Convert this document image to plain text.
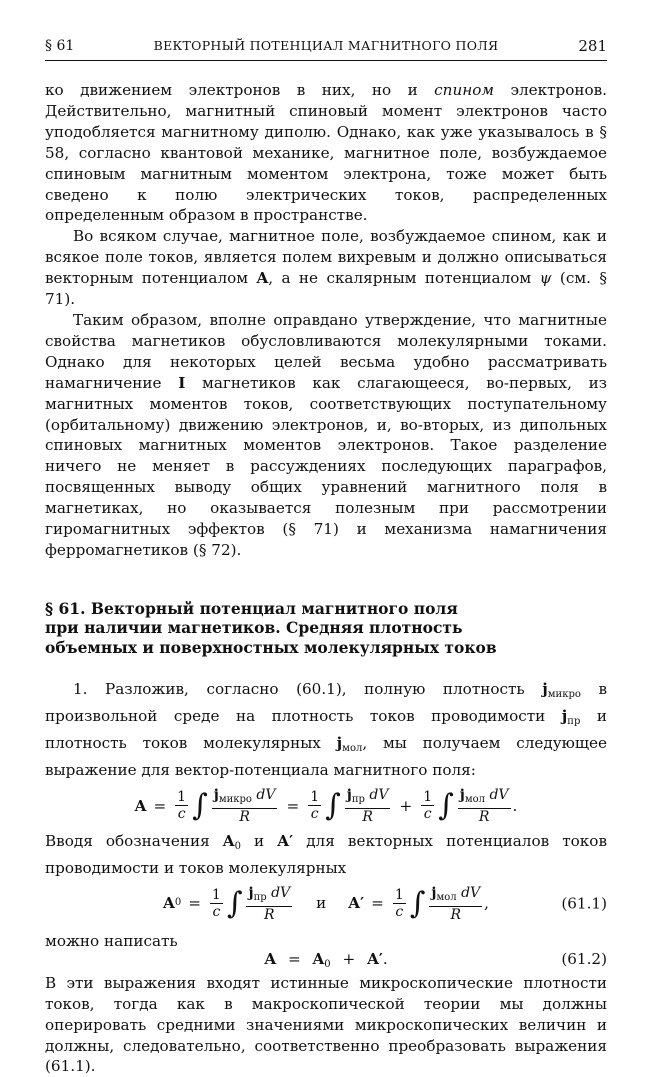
§ 61	ВЕКТОРНЫЙ ПОТЕНЦИАЛ МАГНИТНОГО ПОЛЯ	281

ко движением электронов в них, но и спином электронов. Действительно, магнитный спиновый момент электронов часто уподобляется магнитному диполю. Однако, как уже указывалось в § 58, согласно квантовой механике, магнитное поле, возбуждаемое спиновым магнитным моментом электрона, тоже может быть сведено к полю электрических токов, распределенных определенным образом в пространстве.

Во всяком случае, магнитное поле, возбуждаемое спином, как и всякое поле токов, является полем вихревым и должно описываться векторным потенциалом A, а не скалярным потенциалом ψ (см. § 71).

Таким образом, вполне оправдано утверждение, что магнитные свойства магнетиков обусловливаются молекулярными токами. Однако для некоторых целей весьма удобно рассматривать намагничение I магнетиков как слагающееся, во-первых, из магнитных моментов токов, соответствующих поступательному (орбитальному) движению электронов, и, во-вторых, из дипольных спиновых магнитных моментов электронов. Такое разделение ничего не меняет в рассуждениях последующих параграфов, посвященных выводу общих уравнений магнитного поля в магнетиках, но оказывается полезным при рассмотрении гиромагнитных эффектов (§ 71) и механизма намагничения ферромагнетиков (§ 72).

§ 61. Векторный потенциал магнитного поля
при наличии магнетиков. Средняя плотность
объемных и поверхностных молекулярных токов

1. Разложив, согласно (60.1), полную плотность $j_{микро}$ в произвольной среде на плотность токов проводимости $j_{пр}$ и плотность токов молекулярных $j_{мол}$, мы получаем следующее выражение для вектор-потенциала магнитного поля:

$A = \frac{1}{c}$ ∫ $\frac{j_{микро} dV}{R} = \frac{1}{c}$ ∫ $\frac{j_{пр} dV}{R} + \frac{1}{c}$ ∫ $\frac{j_{мол} dV}{R}$ .

Вводя обозначения $A_0$ и A′ для векторных потенциалов токов проводимости и токов молекулярных

A $0 = \frac{1}{c}$ ∫ $\frac{j_{пр} dV}{R}$ и $A' = \frac{1}{c}$ ∫ $\frac{j_{мол} dV}{R}$ ,	(61.1)
можно написать
$A = A_0 + A'$.	(61.2)

В эти выражения входят истинные микроскопические плотности токов, тогда как в макроскопической теории мы должны оперировать средними значениями микроскопических величин и должны, следовательно, соответственно преобразовать выражения (61.1).
